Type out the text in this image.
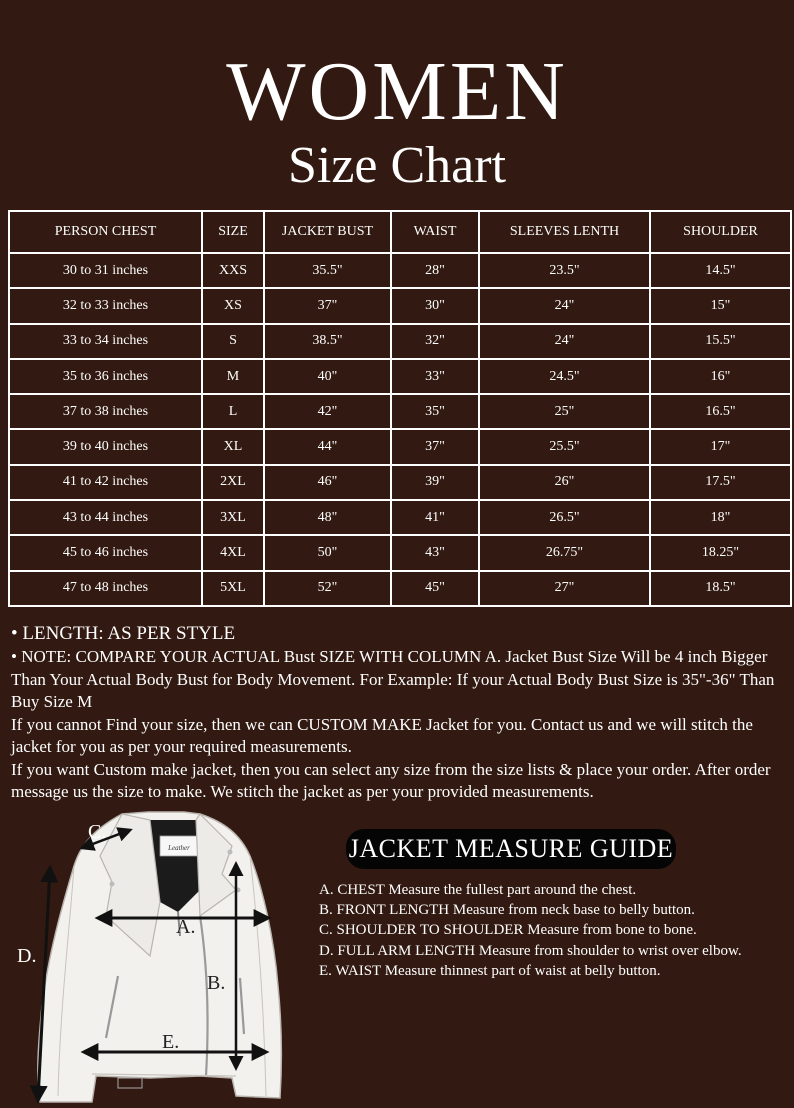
WOMEN
Size Chart
PERSON CHEST	SIZE	JACKET BUST	WAIST	SLEEVES LENTH	SHOULDER
30 to 31 inches	XXS	35.5"	28"	23.5"	14.5"
32 to 33 inches	XS	37"	30"	24"	15"
33 to 34 inches	S	38.5"	32"	24"	15.5"
35 to 36 inches	M	40"	33"	24.5"	16"
37 to 38 inches	L	42"	35"	25"	16.5"
39 to 40 inches	XL	44"	37"	25.5"	17"
41 to 42 inches	2XL	46"	39"	26"	17.5"
43 to 44 inches	3XL	48"	41"	26.5"	18"
45 to 46 inches	4XL	50"	43"	26.75"	18.25"
47 to 48 inches	5XL	52"	45"	27"	18.5"

• LENGTH: AS PER STYLE

• NOTE: COMPARE YOUR ACTUAL Bust SIZE WITH COLUMN A. Jacket Bust Size Will be 4 inch Bigger Than Your Actual Body Bust for Body Movement. For Example: If your Actual Body Bust Size is 35"-36" Than Buy Size M

If you cannot Find your size, then we can CUSTOM MAKE Jacket for you. Contact us and we will stitch the jacket for you as per your required measurements.

If you want Custom make jacket, then you can select any size from the size lists & place your order. After order message us the size to make. We stitch the jacket as per your provided measurements.

JACKET MEASURE GUIDE
A. CHEST Measure the fullest part around the chest.
B. FRONT LENGTH Measure from neck base to belly button.
C. SHOULDER TO SHOULDER Measure from bone to bone.
D. FULL ARM LENGTH Measure from shoulder to wrist over elbow.
E. WAIST Measure thinnest part of waist at belly button.
Leather
A.
B.
C.
D.
E.
